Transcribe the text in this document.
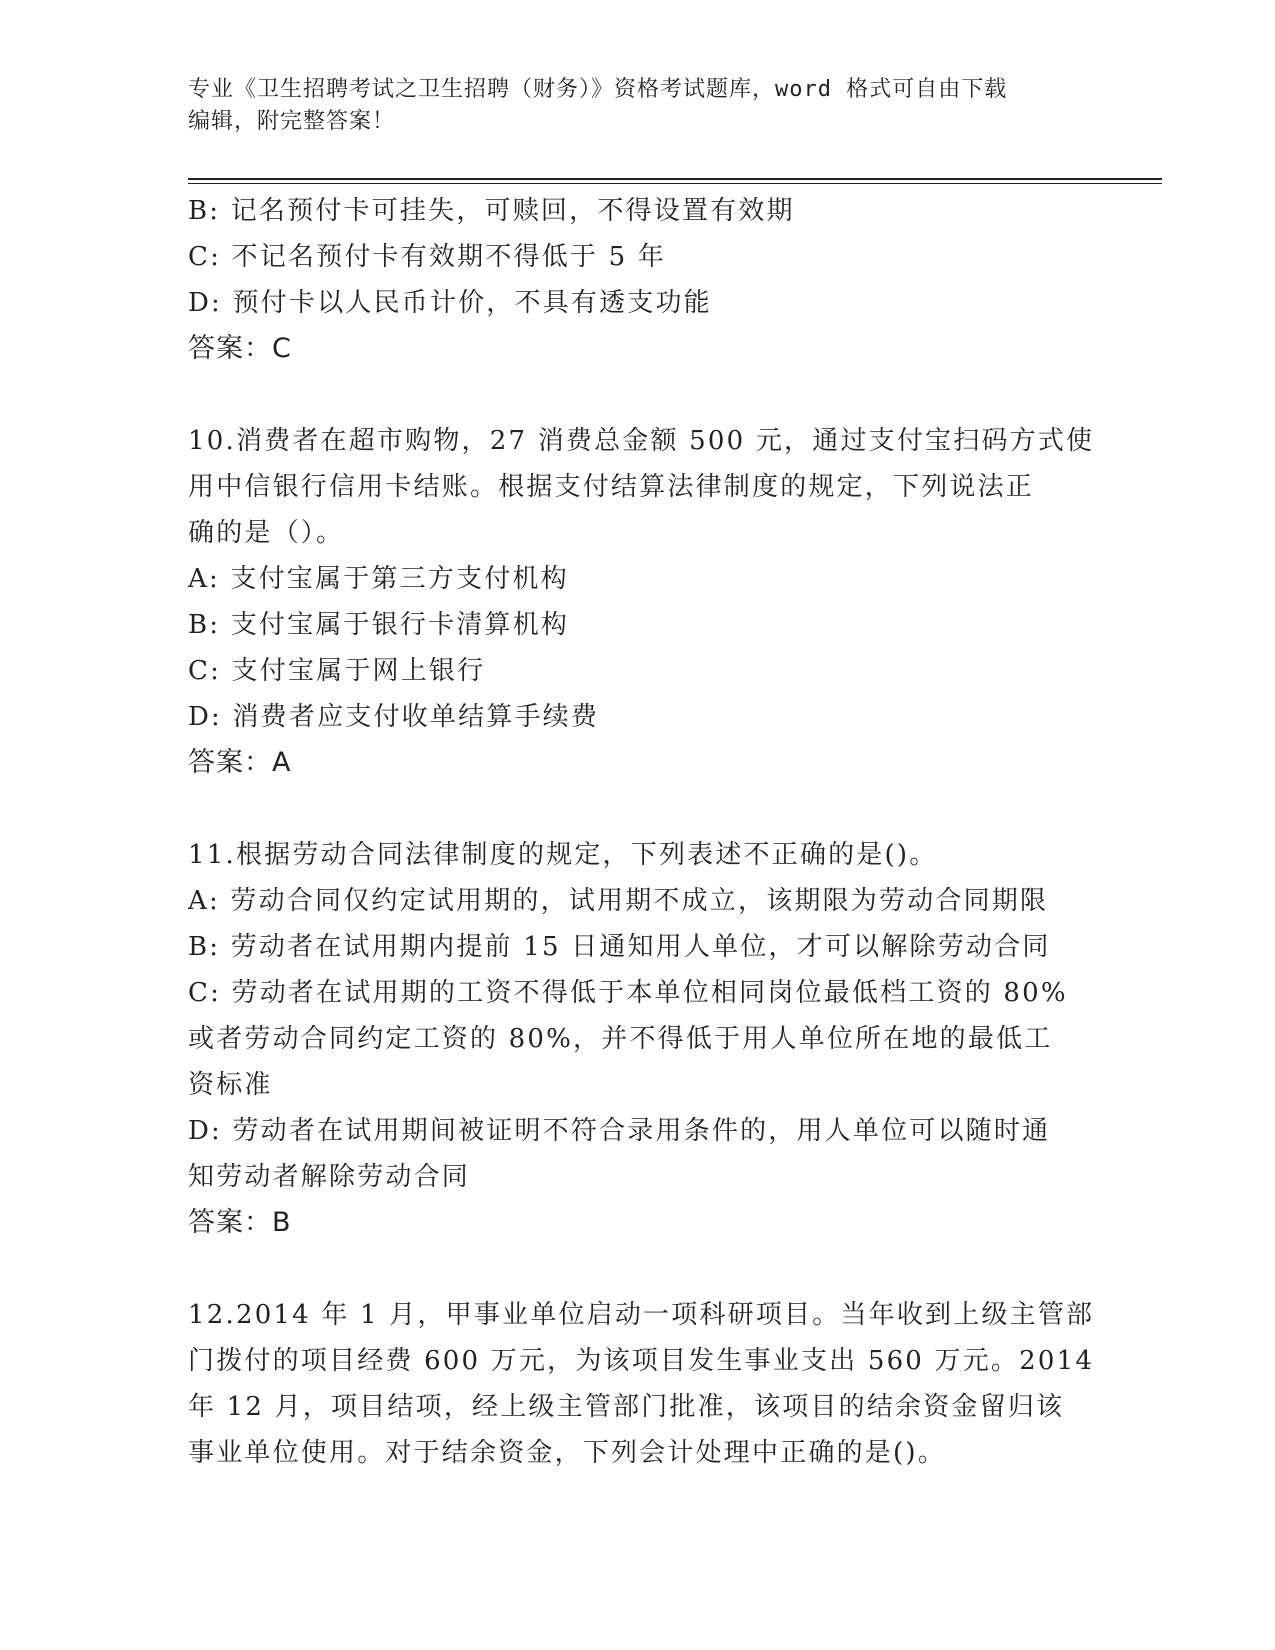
专业《卫生招聘考试之卫生招聘（财务）》资格考试题库，word 格式可自由下载
编辑，附完整答案！
B: 记名预付卡可挂失，可赎回，不得设置有效期
C: 不记名预付卡有效期不得低于 5 年
D: 预付卡以人民币计价，不具有透支功能
答案：C
10.消费者在超市购物，27 消费总金额 500 元，通过支付宝扫码方式使
用中信银行信用卡结账。根据支付结算法律制度的规定，下列说法正
确的是（）。
A: 支付宝属于第三方支付机构
B: 支付宝属于银行卡清算机构
C: 支付宝属于网上银行
D: 消费者应支付收单结算手续费
答案：A
11.根据劳动合同法律制度的规定，下列表述不正确的是()。
A: 劳动合同仅约定试用期的，试用期不成立，该期限为劳动合同期限
B: 劳动者在试用期内提前 15 日通知用人单位，才可以解除劳动合同
C: 劳动者在试用期的工资不得低于本单位相同岗位最低档工资的 80%
或者劳动合同约定工资的 80%，并不得低于用人单位所在地的最低工
资标准
D: 劳动者在试用期间被证明不符合录用条件的，用人单位可以随时通
知劳动者解除劳动合同
答案：B
12.2014 年 1 月，甲事业单位启动一项科研项目。当年收到上级主管部
门拨付的项目经费 600 万元，为该项目发生事业支出 560 万元。2014
年 12 月，项目结项，经上级主管部门批准，该项目的结余资金留归该
事业单位使用。对于结余资金，下列会计处理中正确的是()。
